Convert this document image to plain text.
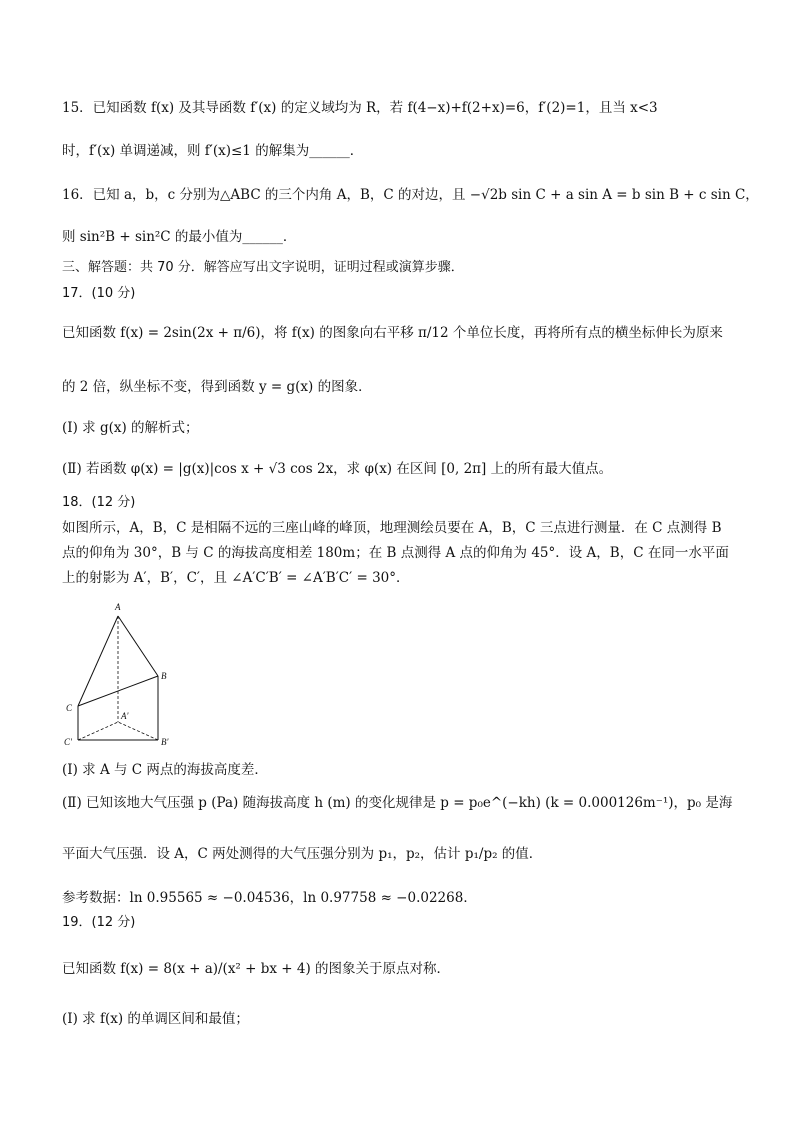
15．已知函数 f(x) 及其导函数 f′(x) 的定义域均为 R，若 f(4−x)+f(2+x)=6，f′(2)=1，且当 x<3
时，f′(x) 单调递减，则 f′(x)≤1 的解集为______．
16．已知 a，b，c 分别为△ABC 的三个内角 A，B，C 的对边，且 −√2b sin C + a sin A = b sin B + c sin C，
则 sin²B + sin²C 的最小值为______．
三、解答题：共 70 分．解答应写出文字说明，证明过程或演算步骤．
17．(10 分)
已知函数 f(x) = 2sin(2x + π/6)，将 f(x) 的图象向右平移 π/12 个单位长度，再将所有点的横坐标伸长为原来
的 2 倍，纵坐标不变，得到函数 y = g(x) 的图象．
(Ⅰ) 求 g(x) 的解析式；
(Ⅱ) 若函数 φ(x) = |g(x)|cos x + √3 cos 2x，求 φ(x) 在区间 [0, 2π] 上的所有最大值点。
18．(12 分)
如图所示，A，B，C 是相隔不远的三座山峰的峰顶，地理测绘员要在 A，B，C 三点进行测量．在 C 点测得 B
点的仰角为 30°，B 与 C 的海拔高度相差 180m；在 B 点测得 A 点的仰角为 45°．设 A，B，C 在同一水平面
上的射影为 A′，B′，C′，且 ∠A′C′B′ = ∠A′B′C′ = 30°．
A
B
C
A'
C'	B'
(Ⅰ) 求 A 与 C 两点的海拔高度差．
(Ⅱ) 已知该地大气压强 p (Pa) 随海拔高度 h (m) 的变化规律是 p = p₀e^(−kh) (k = 0.000126m⁻¹)，p₀ 是海
平面大气压强．设 A，C 两处测得的大气压强分别为 p₁，p₂，估计 p₁/p₂ 的值．
参考数据：ln 0.95565 ≈ −0.04536，ln 0.97758 ≈ −0.02268．
19．(12 分)
已知函数 f(x) = 8(x + a)/(x² + bx + 4) 的图象关于原点对称．
(Ⅰ) 求 f(x) 的单调区间和最值；
